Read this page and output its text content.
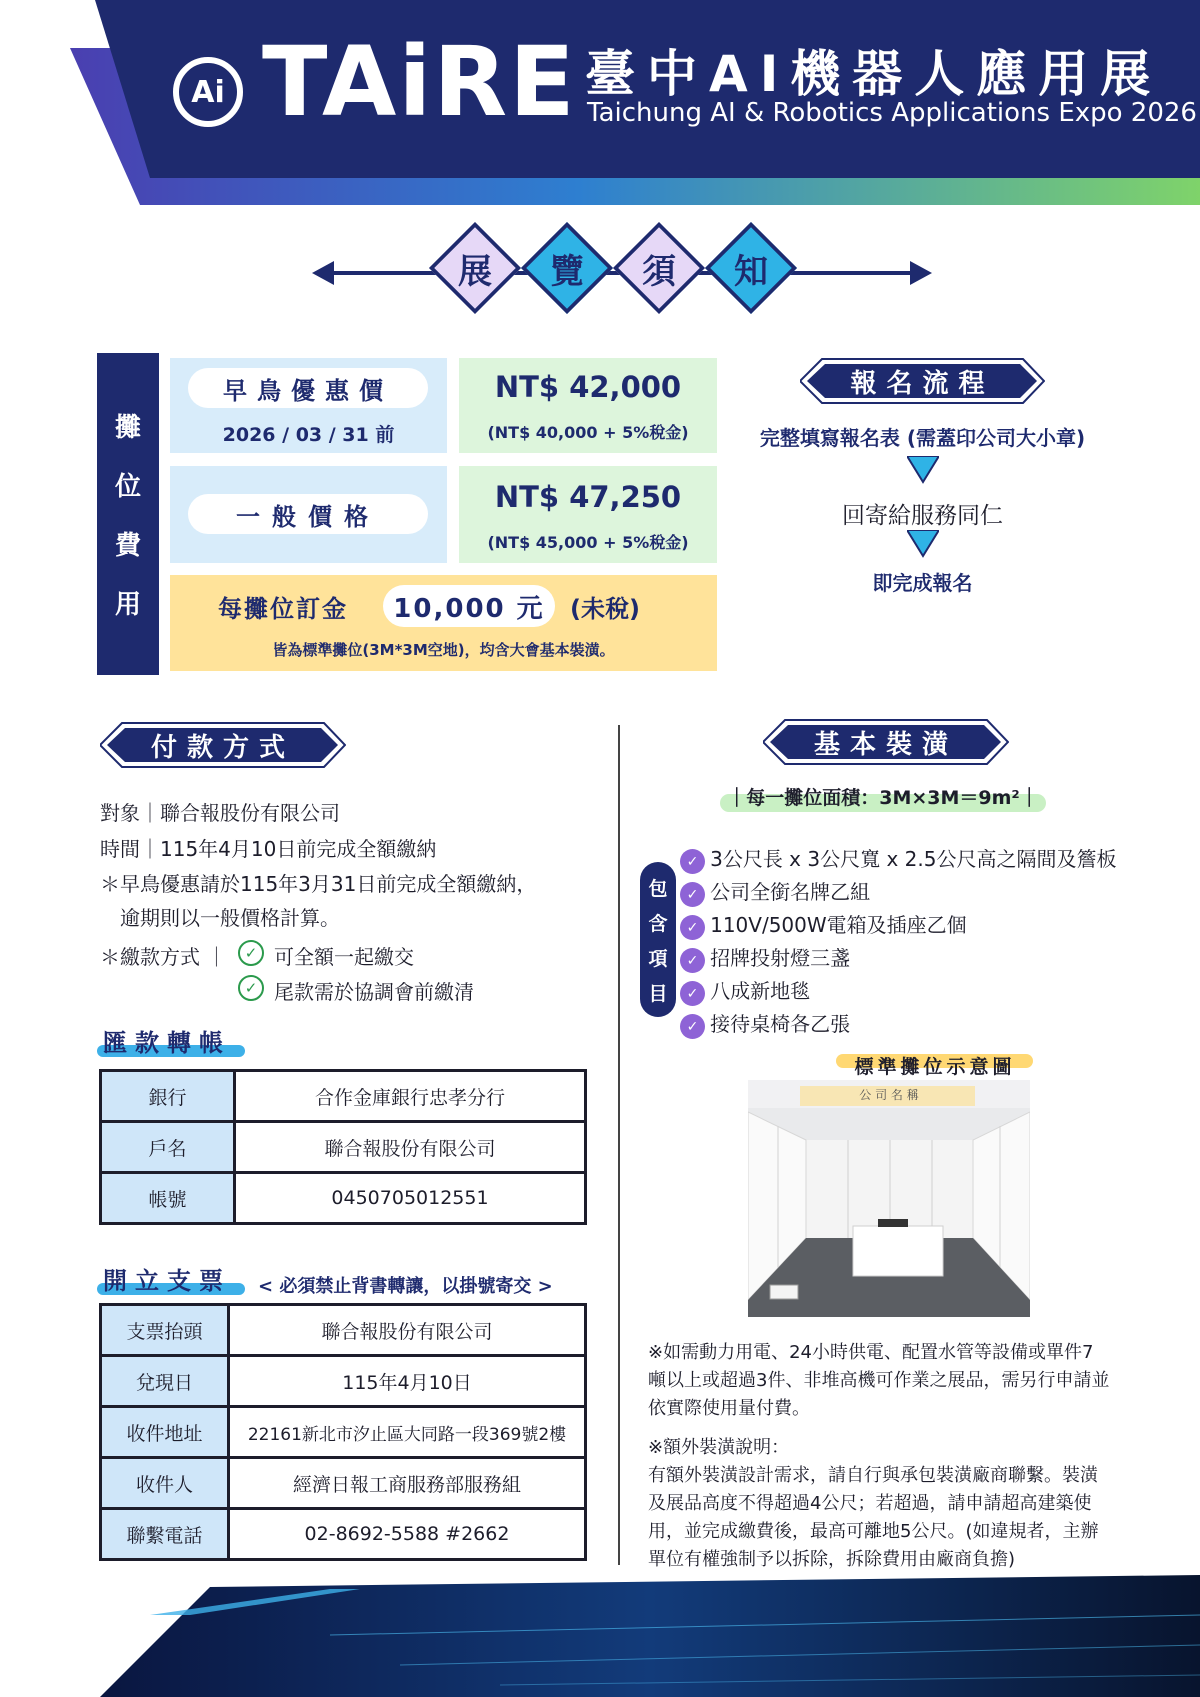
Ai TAiRE 臺中AI機器人應用展
Taichung AI & Robotics Applications Expo 2026
展	覽	須	知
攤
位
費
用
早鳥優惠價
2026 / 03 / 31 前
NT$ 42,000
(NT$ 40,000 + 5%稅金)
一般價格
NT$ 47,250
(NT$ 45,000 + 5%稅金)
每攤位訂金	10,000 元	(未稅)
皆為標準攤位(3M*3M空地)，均含大會基本裝潢。
報名流程
完整填寫報名表 (需蓋印公司大小章)
回寄給服務同仁
即完成報名
付款方式
對象｜聯合報股份有限公司
時間｜115年4月10日前完成全額繳納
＊早鳥優惠請於115年3月31日前完成全額繳納，
逾期則以一般價格計算。
＊繳款方式 ｜	✓ 可全額一起繳交
✓ 尾款需於協調會前繳清
匯款轉帳
銀行	合作金庫銀行忠孝分行
戶名	聯合報股份有限公司
帳號	0450705012551
開立支票 < 必須禁止背書轉讓，以掛號寄交 >
支票抬頭	聯合報股份有限公司
兌現日	115年4月10日
收件地址	22161新北市汐止區大同路一段369號2樓
收件人	經濟日報工商服務部服務組
聯繫電話	02-8692-5588 #2662
基本裝潢
｜每一攤位面積：3M×3M＝9m²｜
包
含
項
目
✓ 3公尺長 x 3公尺寬 x 2.5公尺高之隔間及簷板
✓ 公司全銜名牌乙組
✓ 110V/500W電箱及插座乙個
✓ 招牌投射燈三盞
✓ 八成新地毯
✓ 接待桌椅各乙張
標準攤位示意圖
公 司 名 稱
※如需動力用電、24小時供電、配置水管等設備或單件7噸以上或超過3件、非堆高機可作業之展品，需另行申請並依實際使用量付費。
※額外裝潢說明：
有額外裝潢設計需求，請自行與承包裝潢廠商聯繫。裝潢及展品高度不得超過4公尺；若超過，請申請超高建築使用，並完成繳費後，最高可離地5公尺。(如違規者，主辦單位有權強制予以拆除，拆除費用由廠商負擔)
